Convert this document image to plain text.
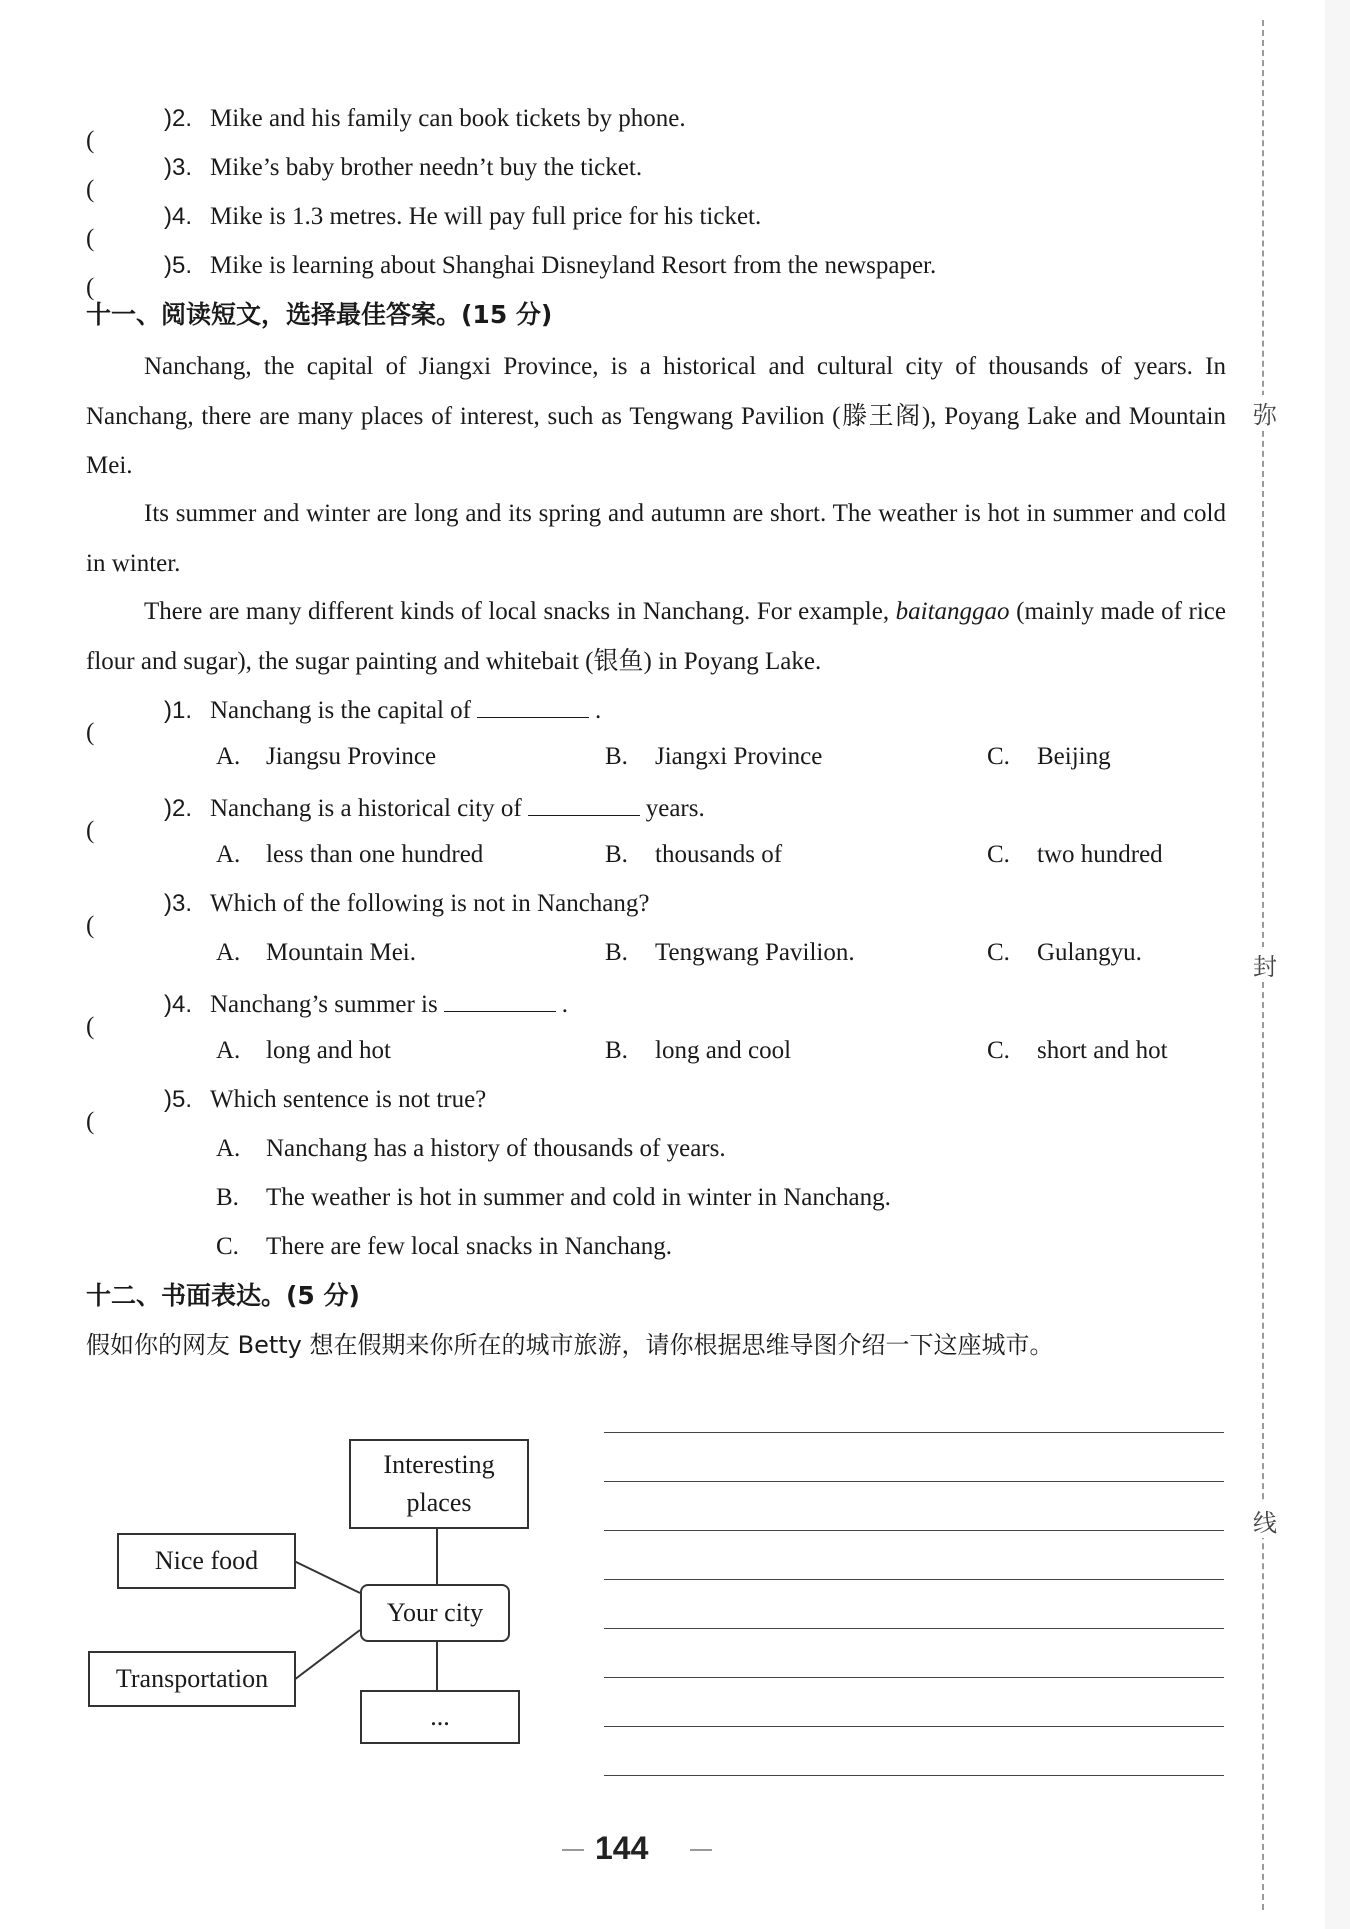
(
)2. Mike and his family can book tickets by phone.
(
)3. Mike’s baby brother needn’t buy the ticket.
(
)4. Mike is 1.3 metres. He will pay full price for his ticket.
(
)5. Mike is learning about Shanghai Disneyland Resort from the newspaper.
十一、阅读短文，选择最佳答案。(15 分)
Nanchang, the capital of Jiangxi Province, is a historical and cultural city of thousands of years. In Nanchang, there are many places of interest, such as Tengwang Pavilion (滕王阁), Poyang Lake and Mountain Mei.
Its summer and winter are long and its spring and autumn are short. The weather is hot in summer and cold in winter.
There are many different kinds of local snacks in Nanchang. For example, baitanggao (mainly made of rice flour and sugar), the sugar painting and whitebait (银鱼) in Poyang Lake.
(
)1. Nanchang is the capital of	.
A. Jiangsu Province	B. Jiangxi Province	C. Beijing
(
)2. Nanchang is a historical city of	years.
A. less than one hundred	B. thousands of	C. two hundred
(
)3. Which of the following is not in Nanchang?
A. Mountain Mei.	B. Tengwang Pavilion.	C. Gulangyu.
(
)4. Nanchang’s summer is	.
A. long and hot	B. long and cool	C. short and hot
(
)5. Which sentence is not true?
A. Nanchang has a history of thousands of years.
B. The weather is hot in summer and cold in winter in Nanchang.
C. There are few local snacks in Nanchang.
十二、书面表达。(5 分)
假如你的网友 Betty 想在假期来你所在的城市旅游，请你根据思维导图介绍一下这座城市。
Interesting places
Nice food
Your city
Transportation
...
144
弥
封
线
